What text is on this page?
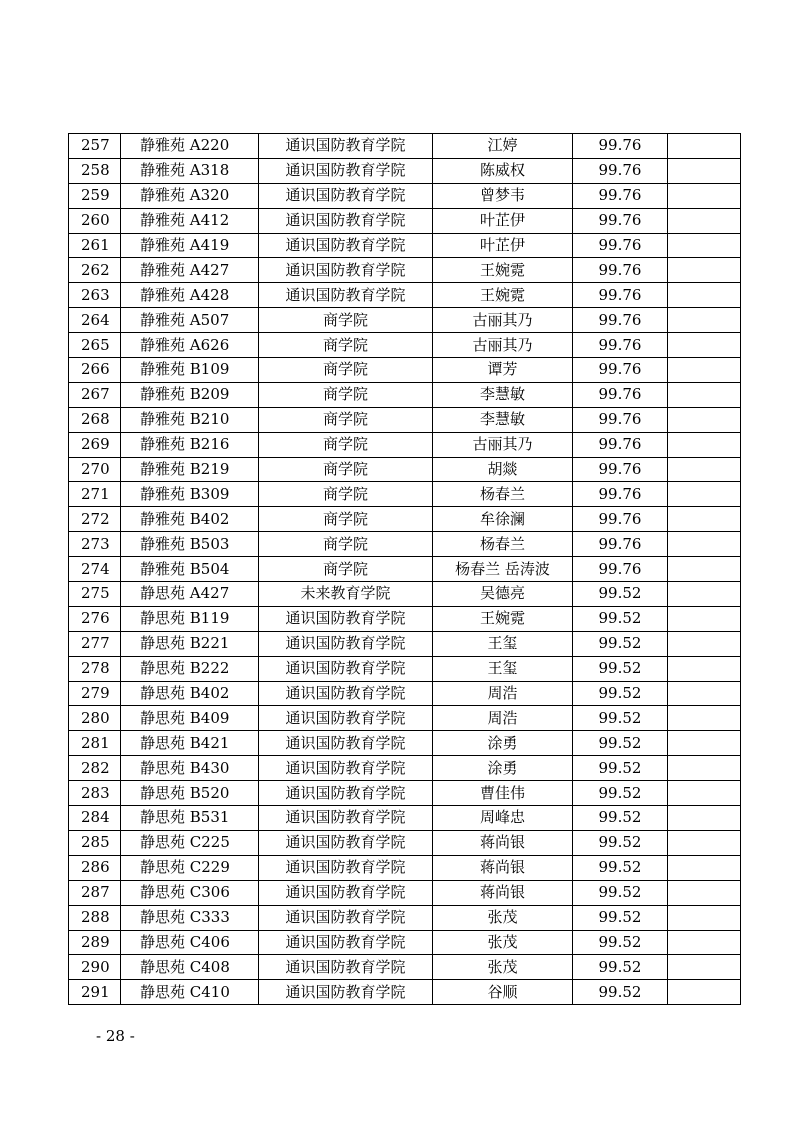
257	静雅苑 A220	通识国防教育学院	江婷	99.76	
258	静雅苑 A318	通识国防教育学院	陈威权	99.76	
259	静雅苑 A320	通识国防教育学院	曾梦韦	99.76	
260	静雅苑 A412	通识国防教育学院	叶芷伊	99.76	
261	静雅苑 A419	通识国防教育学院	叶芷伊	99.76	
262	静雅苑 A427	通识国防教育学院	王婉霓	99.76	
263	静雅苑 A428	通识国防教育学院	王婉霓	99.76	
264	静雅苑 A507	商学院	古丽其乃	99.76	
265	静雅苑 A626	商学院	古丽其乃	99.76	
266	静雅苑 B109	商学院	谭芳	99.76	
267	静雅苑 B209	商学院	李慧敏	99.76	
268	静雅苑 B210	商学院	李慧敏	99.76	
269	静雅苑 B216	商学院	古丽其乃	99.76	
270	静雅苑 B219	商学院	胡燚	99.76	
271	静雅苑 B309	商学院	杨春兰	99.76	
272	静雅苑 B402	商学院	牟徐澜	99.76	
273	静雅苑 B503	商学院	杨春兰	99.76	
274	静雅苑 B504	商学院	杨春兰 岳涛波	99.76	
275	静思苑 A427	未来教育学院	吴德亮	99.52	
276	静思苑 B119	通识国防教育学院	王婉霓	99.52	
277	静思苑 B221	通识国防教育学院	王玺	99.52	
278	静思苑 B222	通识国防教育学院	王玺	99.52	
279	静思苑 B402	通识国防教育学院	周浩	99.52	
280	静思苑 B409	通识国防教育学院	周浩	99.52	
281	静思苑 B421	通识国防教育学院	涂勇	99.52	
282	静思苑 B430	通识国防教育学院	涂勇	99.52	
283	静思苑 B520	通识国防教育学院	曹佳伟	99.52	
284	静思苑 B531	通识国防教育学院	周峰忠	99.52	
285	静思苑 C225	通识国防教育学院	蒋尚银	99.52	
286	静思苑 C229	通识国防教育学院	蒋尚银	99.52	
287	静思苑 C306	通识国防教育学院	蒋尚银	99.52	
288	静思苑 C333	通识国防教育学院	张茂	99.52	
289	静思苑 C406	通识国防教育学院	张茂	99.52	
290	静思苑 C408	通识国防教育学院	张茂	99.52	
291	静思苑 C410	通识国防教育学院	谷顺	99.52	
- 28 -
